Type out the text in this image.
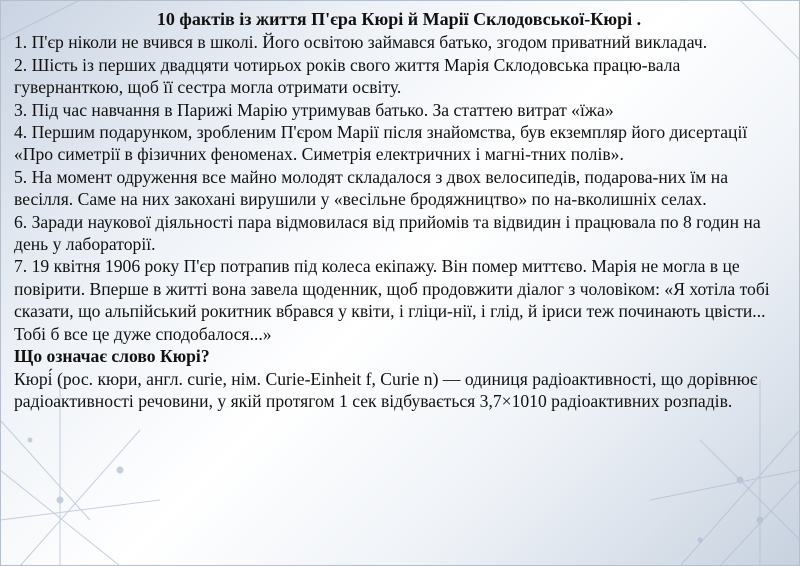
10 фактів із життя П'єра Кюрі й Марії Склодовської-Кюрі .

1. П'єр ніколи не вчився в школі. Його освітою займався батько, згодом приватний викладач.

2. Шість із перших двадцяти чотирьох років свого життя Марія Склодовська працю-вала гувернанткою, щоб її сестра могла отримати освіту.

3. Під час навчання в Парижі Марію утримував батько. За статтею витрат «їжа»

4. Першим подарунком, зробленим П'єром Марії після знайомства, був екземпляр його дисертації «Про симетрії в фізичних феноменах. Симетрія електричних і магні-тних полів».

5. На момент одруження все майно молодят складалося з двох велосипедів, подарова-них їм на весілля. Саме на них закохані вирушили у «весільне бродяжництво» по на-вколишніх селах.

6. Заради наукової діяльності пара відмовилася від прийомів та відвидин і працювала по 8 годин на день у лабораторії.

7. 19 квітня 1906 року П'єр потрапив під колеса екіпажу. Він помер миттєво. Марія не могла в це повірити. Вперше в житті вона завела щоденник, щоб продовжити діалог з чоловіком: «Я хотіла тобі сказати, що альпійський рокитник вбрався у квіти, і гліци-нії, і глід, й іриси теж починають цвісти... Тобі б все це дуже сподобалося...»

Що означає слово Кюрі?

Кюрі́ (рос. кюри, англ. curie, нім. Curie-Einheit f, Curie n) — одиниця радіоактивності, що дорівнює радіоактивності речовини, у якій протягом 1 сек відбувається 3,7×1010 радіоактивних розпадів.
